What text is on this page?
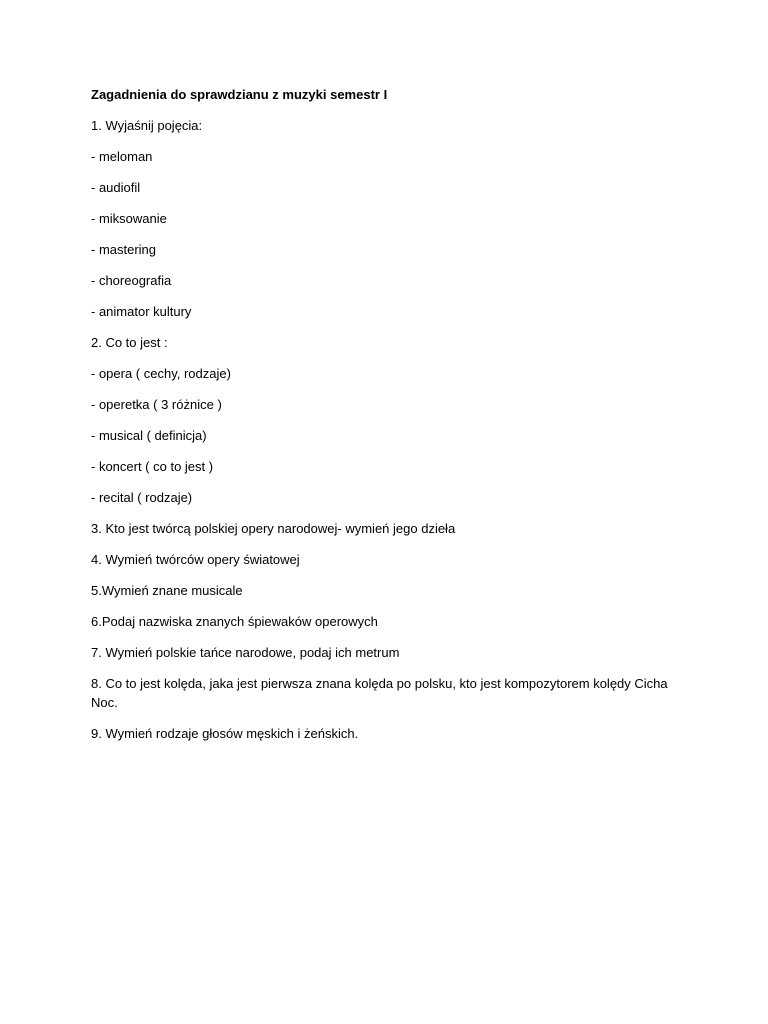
Zagadnienia do sprawdzianu z muzyki semestr I

1. Wyjaśnij pojęcia:

- meloman

- audiofil

- miksowanie

- mastering

- choreografia

- animator kultury

2. Co to jest :

- opera ( cechy, rodzaje)

- operetka ( 3 różnice )

- musical ( definicja)

- koncert ( co to jest )

- recital ( rodzaje)

3. Kto jest twórcą polskiej opery narodowej- wymień jego dzieła

4. Wymień twórców opery światowej

5.Wymień znane musicale

6.Podaj nazwiska znanych śpiewaków operowych

7. Wymień polskie tańce narodowe, podaj ich metrum

8. Co to jest kolęda, jaka jest pierwsza znana kolęda po polsku, kto jest kompozytorem kolędy Cicha Noc.

9. Wymień rodzaje głosów męskich i żeńskich.
